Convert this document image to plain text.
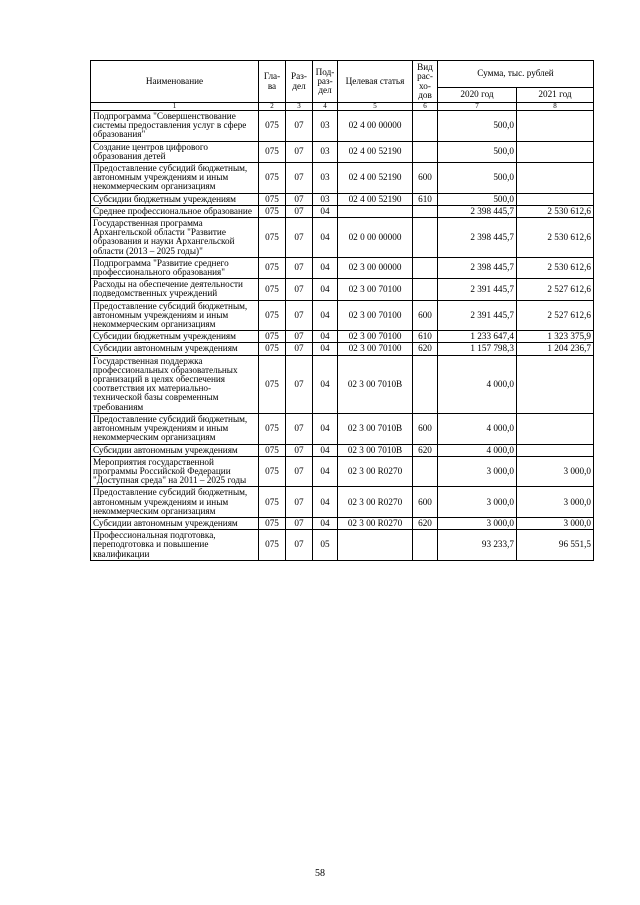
Наименование	Гла-ва	Раз-дел	Под-раз-дел	Целевая статья	Вид рас-хо-дов	Сумма, тыс. рублей	
						2020 год	2021 год
1	2	3	4	5	6	7	8
Подпрограмма "Совершенствование системы предоставления услуг в сфере образования"	075	07	03	02 4 00 00000		500,0	
Создание центров цифрового образования детей	075	07	03	02 4 00 52190		500,0	
Предоставление субсидий бюджетным, автономным учреждениям и иным некоммерческим организациям	075	07	03	02 4 00 52190	600	500,0	
Субсидии бюджетным учреждениям	075	07	03	02 4 00 52190	610	500,0	
Среднее профессиональное образование	075	07	04			2 398 445,7	2 530 612,6
Государственная программа Архангельской области "Развитие образования и науки Архангельской области (2013 – 2025 годы)"	075	07	04	02 0 00 00000		2 398 445,7	2 530 612,6
Подпрограмма "Развитие среднего профессионального образования"	075	07	04	02 3 00 00000		2 398 445,7	2 530 612,6
Расходы на обеспечение деятельности подведомственных учреждений	075	07	04	02 3 00 70100		2 391 445,7	2 527 612,6
Предоставление субсидий бюджетным, автономным учреждениям и иным некоммерческим организациям	075	07	04	02 3 00 70100	600	2 391 445,7	2 527 612,6
Субсидии бюджетным учреждениям	075	07	04	02 3 00 70100	610	1 233 647,4	1 323 375,9
Субсидии автономным учреждениям	075	07	04	02 3 00 70100	620	1 157 798,3	1 204 236,7
Государственная поддержка профессиональных образовательных организаций в целях обеспечения соответствия их материально-технической базы современным требованиям	075	07	04	02 3 00 7010В		4 000,0	
Предоставление субсидий бюджетным, автономным учреждениям и иным некоммерческим организациям	075	07	04	02 3 00 7010В	600	4 000,0	
Субсидии автономным учреждениям	075	07	04	02 3 00 7010В	620	4 000,0	
Мероприятия государственной программы Российской Федерации "Доступная среда" на 2011 – 2025 годы	075	07	04	02 3 00 R0270		3 000,0	3 000,0
Предоставление субсидий бюджетным, автономным учреждениям и иным некоммерческим организациям	075	07	04	02 3 00 R0270	600	3 000,0	3 000,0
Субсидии автономным учреждениям	075	07	04	02 3 00 R0270	620	3 000,0	3 000,0
Профессиональная подготовка, переподготовка и повышение квалификации	075	07	05			93 233,7	96 551,5
58
